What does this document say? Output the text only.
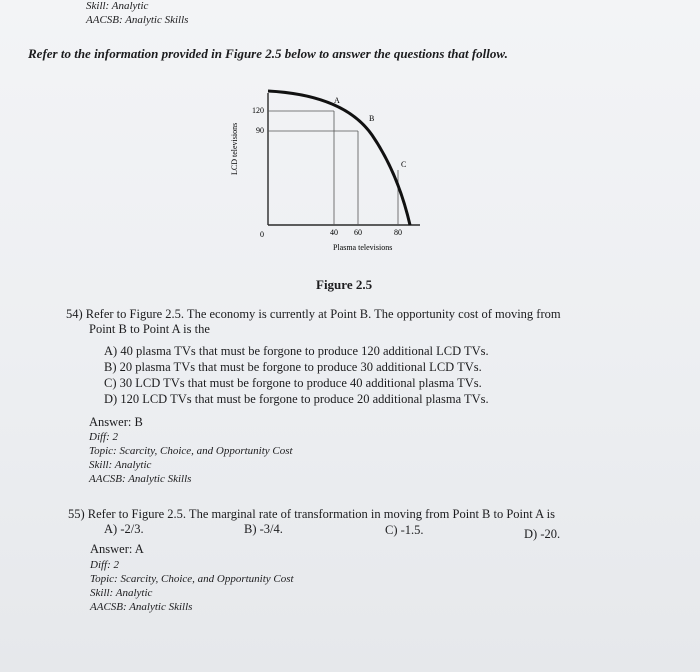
Skill: Analytic
AACSB: Analytic Skills
Refer to the information provided in Figure 2.5 below to answer the questions that follow.
120
90
0	40 60	80
A
B
C
Plasma televisions
LCD televisions
Figure 2.5
54) Refer to Figure 2.5. The economy is currently at Point B. The opportunity cost of moving from
Point B to Point A is the
A) 40 plasma TVs that must be forgone to produce 120 additional LCD TVs.
B) 20 plasma TVs that must be forgone to produce 30 additional LCD TVs.
C) 30 LCD TVs that must be forgone to produce 40 additional plasma TVs.
D) 120 LCD TVs that must be forgone to produce 20 additional plasma TVs.
Answer: B
Diff: 2
Topic: Scarcity, Choice, and Opportunity Cost
Skill: Analytic
AACSB: Analytic Skills
55) Refer to Figure 2.5. The marginal rate of transformation in moving from Point B to Point A is
A) -2/3.	B) -3/4.	C) -1.5.	D) -20.
Answer: A
Diff: 2
Topic: Scarcity, Choice, and Opportunity Cost
Skill: Analytic
AACSB: Analytic Skills
